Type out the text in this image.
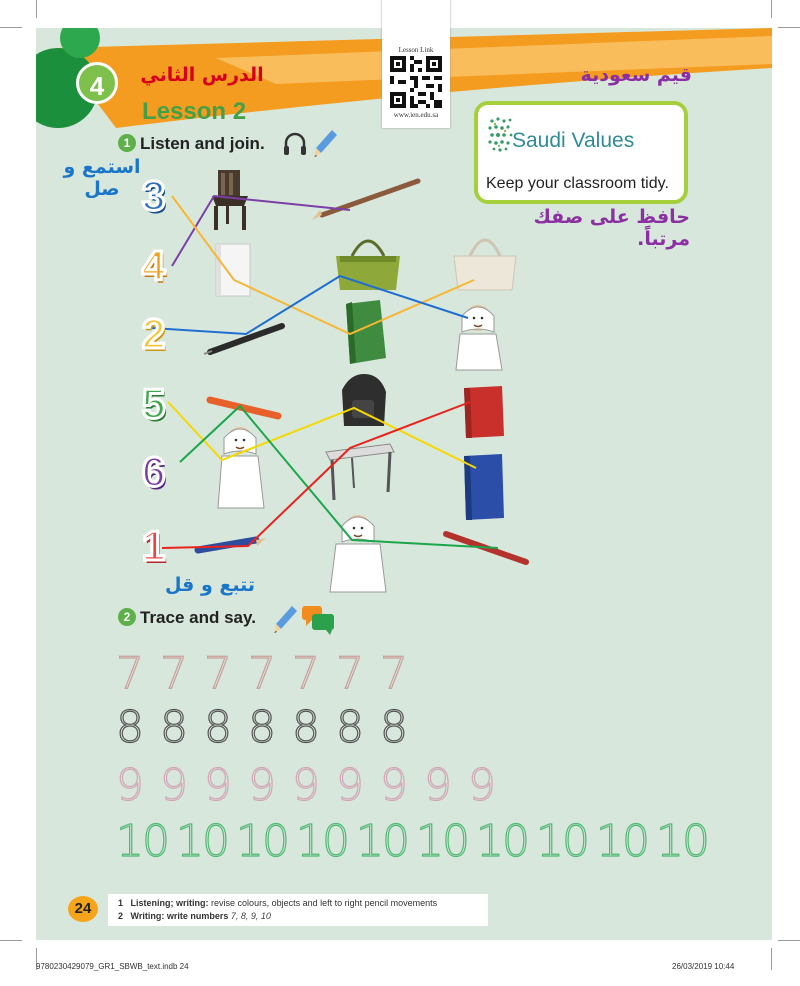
4
Lesson Link
www.ien.edu.sa
الدرس الثاني
Lesson 2
قيم سعودية
Saudi Values
Keep your classroom tidy.
حافظ على صفك مرتباً.
1 Listen and join.
استمع و صل 3
4
2
5
6
1
تتبع و قل
2 Trace and say.
7 7 7 7 7 7 7
8 8 8 8 8 8 8
9 9 9 9 9 9 9 9 9
10 10 10 10 10 10 10 10 10 10
24	1 Listening; writing: revise colours, objects and left to right pencil movements
2 Writing: write numbers 7, 8, 9, 10
9780230429079_GR1_SBWB_text.indb 24	26/03/2019 10:44
